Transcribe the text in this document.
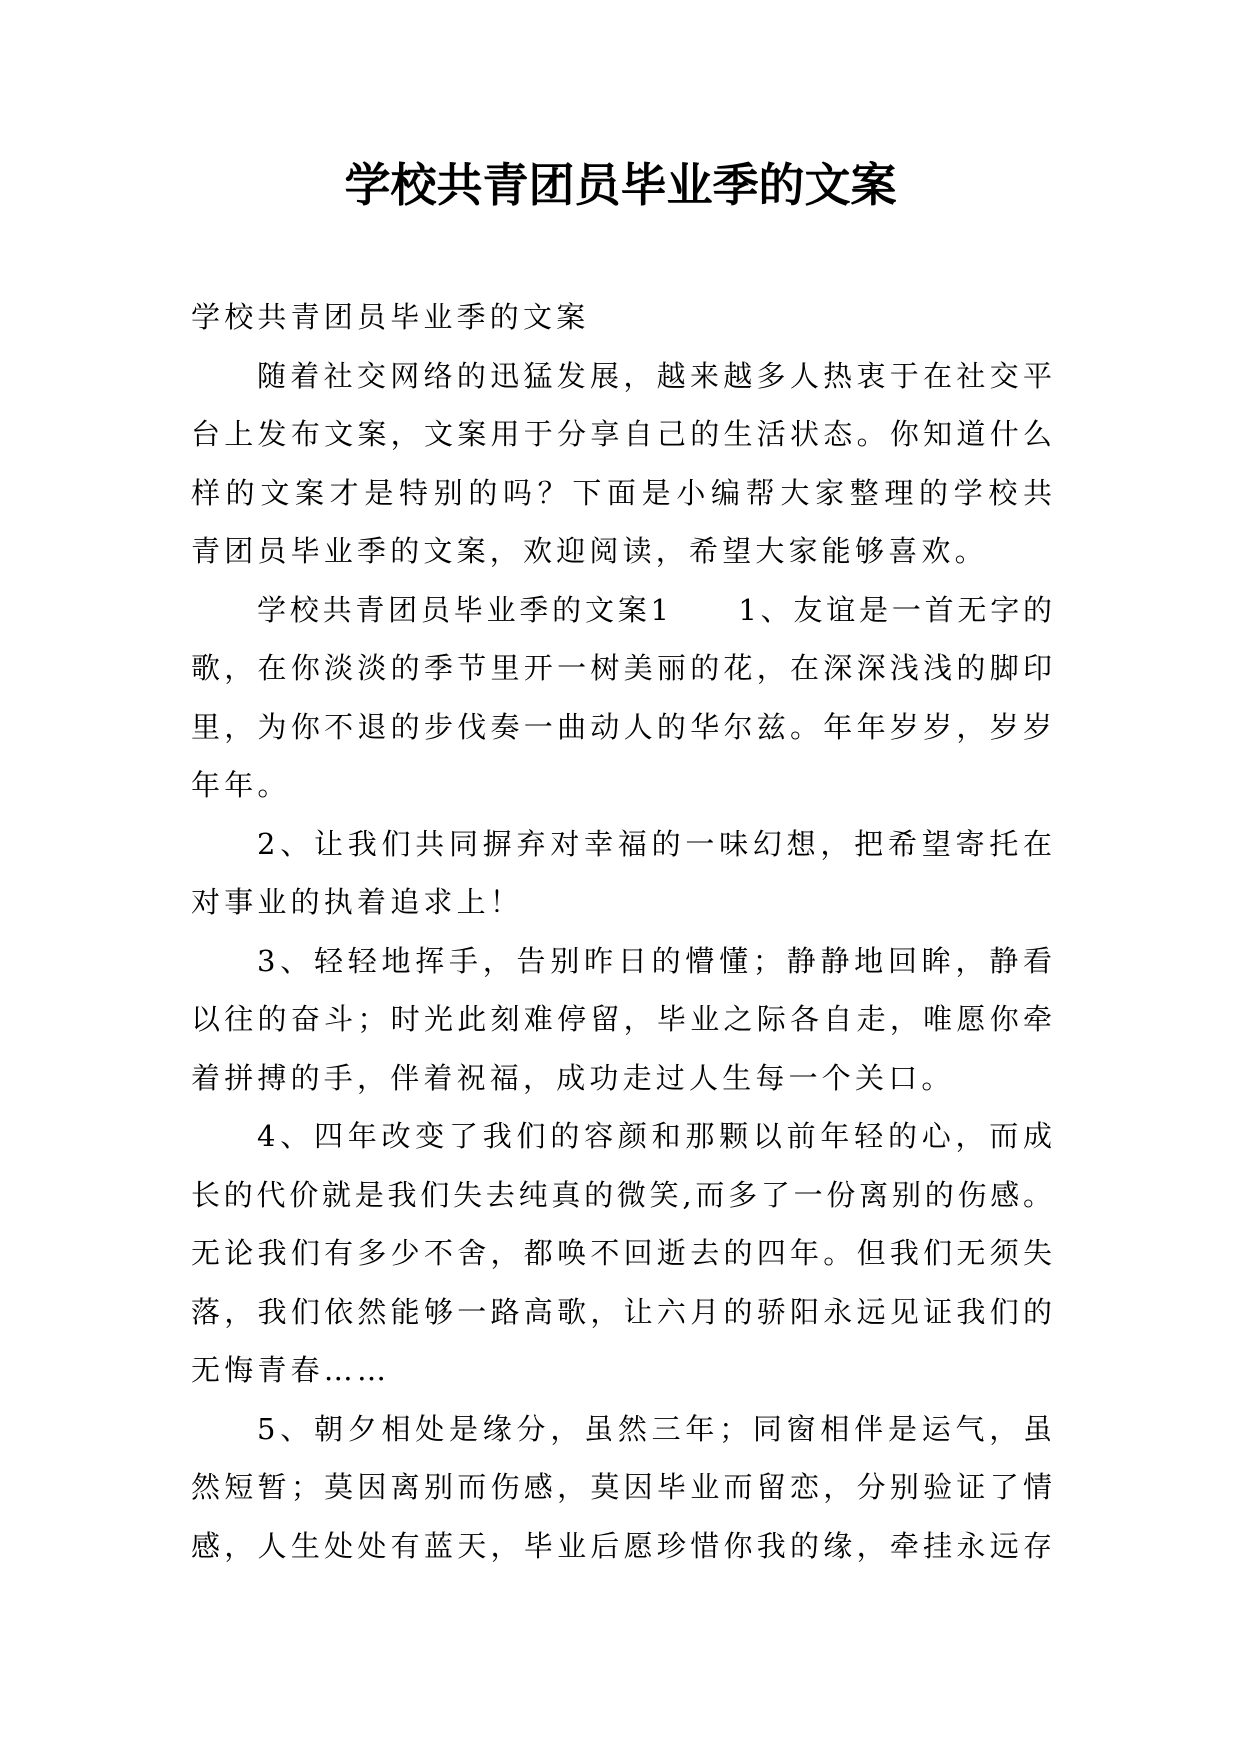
学校共青团员毕业季的文案
学校共青团员毕业季的文案
随着社交网络的迅猛发展，越来越多人热衷于在社交平
台上发布文案，文案用于分享自己的生活状态。你知道什么
样的文案才是特别的吗？下面是小编帮大家整理的学校共
青团员毕业季的文案，欢迎阅读，希望大家能够喜欢。
学校共青团员毕业季的文案1　　1、友谊是一首无字的
歌，在你淡淡的季节里开一树美丽的花，在深深浅浅的脚印
里，为你不退的步伐奏一曲动人的华尔兹。年年岁岁，岁岁
年年。
2、让我们共同摒弃对幸福的一味幻想，把希望寄托在
对事业的执着追求上！
3、轻轻地挥手，告别昨日的懵懂；静静地回眸，静看
以往的奋斗；时光此刻难停留，毕业之际各自走，唯愿你牵
着拼搏的手，伴着祝福，成功走过人生每一个关口。
4、四年改变了我们的容颜和那颗以前年轻的心，而成
长的代价就是我们失去纯真的微笑,而多了一份离别的伤感。
无论我们有多少不舍，都唤不回逝去的四年。但我们无须失
落，我们依然能够一路高歌，让六月的骄阳永远见证我们的
无悔青春……
5、朝夕相处是缘分，虽然三年；同窗相伴是运气，虽
然短暂；莫因离别而伤感，莫因毕业而留恋，分别验证了情
感，人生处处有蓝天，毕业后愿珍惜你我的缘，牵挂永远存
